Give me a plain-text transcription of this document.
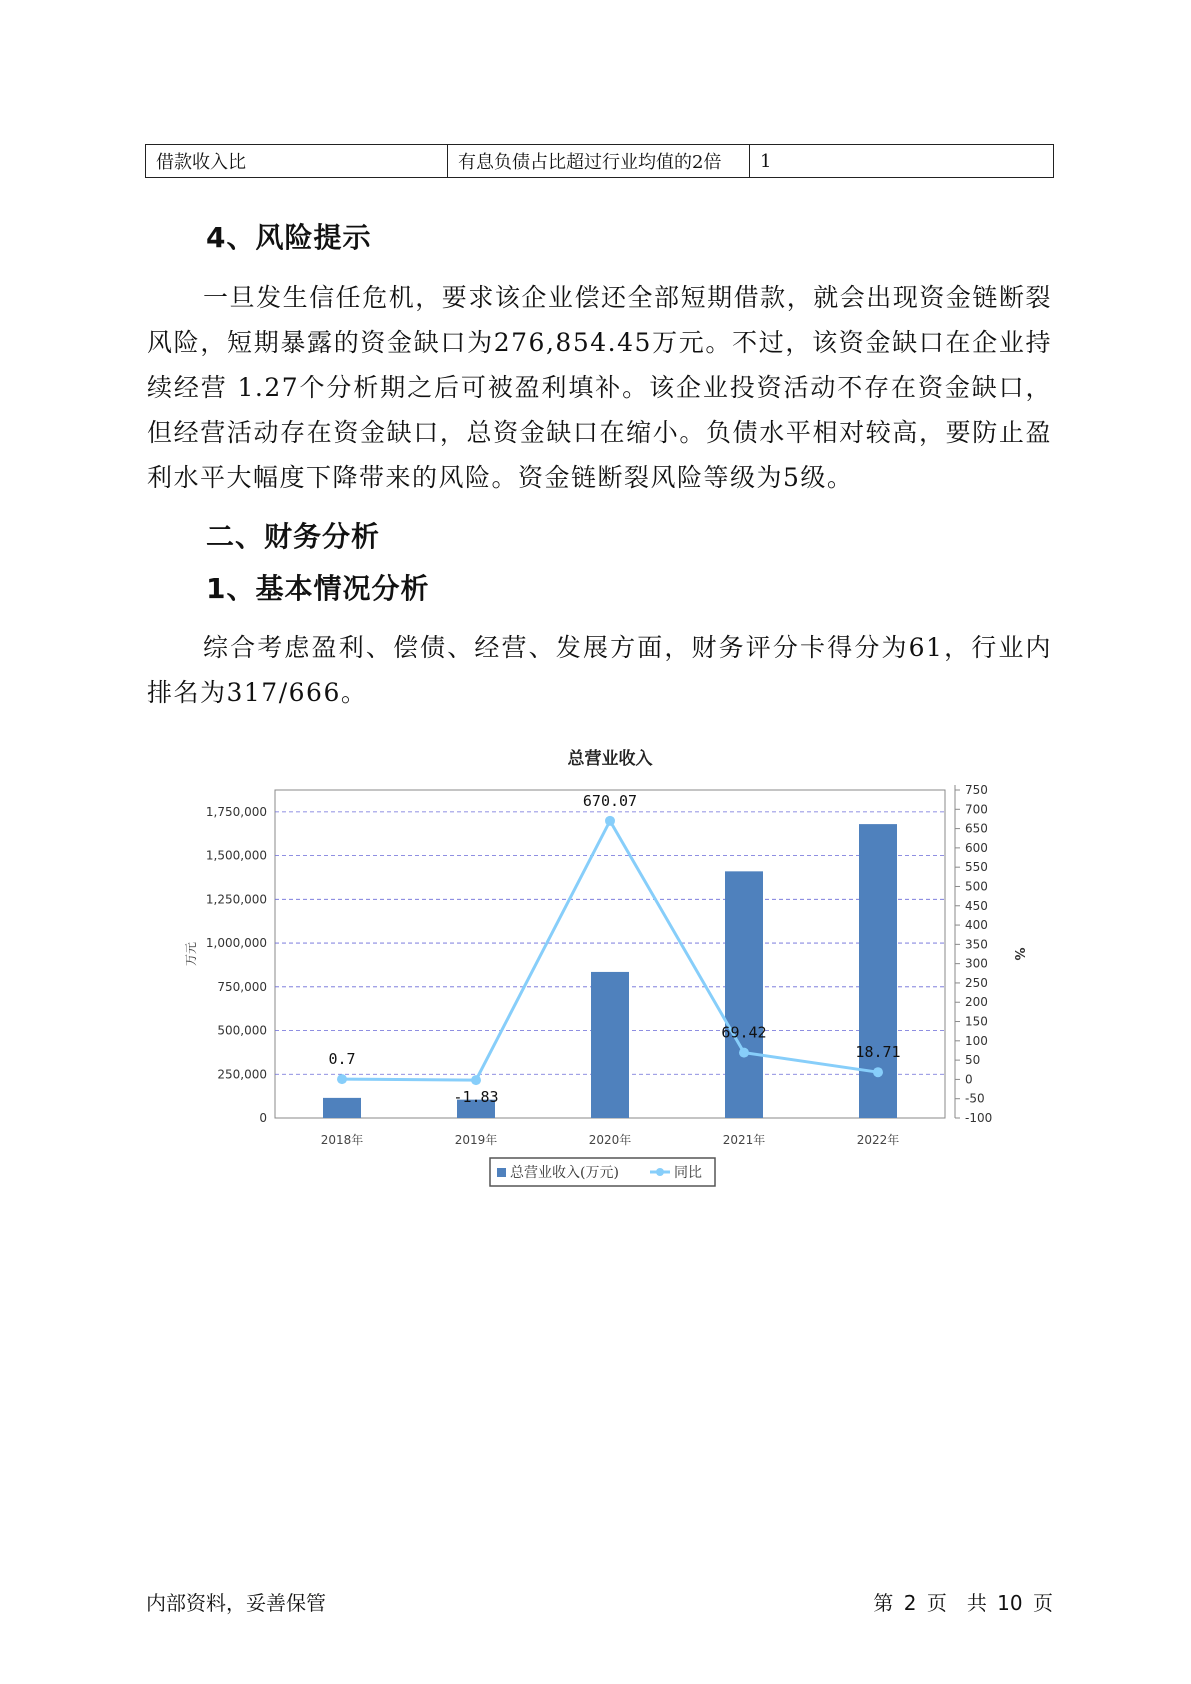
借款收入比	有息负债占比超过行业均值的2倍	1
4、风险提示

一旦发生信任危机，要求该企业偿还全部短期借款，就会出现资金链断裂风险，短期暴露的资金缺口为276,854.45万元。不过，该资金缺口在企业持续经营 1.27个分析期之后可被盈利填补。该企业投资活动不存在资金缺口，但经营活动存在资金缺口，总资金缺口在缩小。负债水平相对较高，要防止盈利水平大幅度下降带来的风险。资金链断裂风险等级为5级。

二、财务分析
1、基本情况分析

综合考虑盈利、偿债、经营、发展方面，财务评分卡得分为61，行业内排名为317/666。

总营业收入
0
250,000
500,000
750,000
1,000,000
1,250,000
1,500,000
1,750,000
万元
-100
-50
0
50
100
150
200
250
300
350
400
450
500
550
600
650
700
750
%
2018年	2019年	2020年	2021年	2022年
0.7
-1.83
670.07
69.42
18.71
总营业收入(万元)	同比
内部资料，妥善保管	第 2 页　共 10 页
